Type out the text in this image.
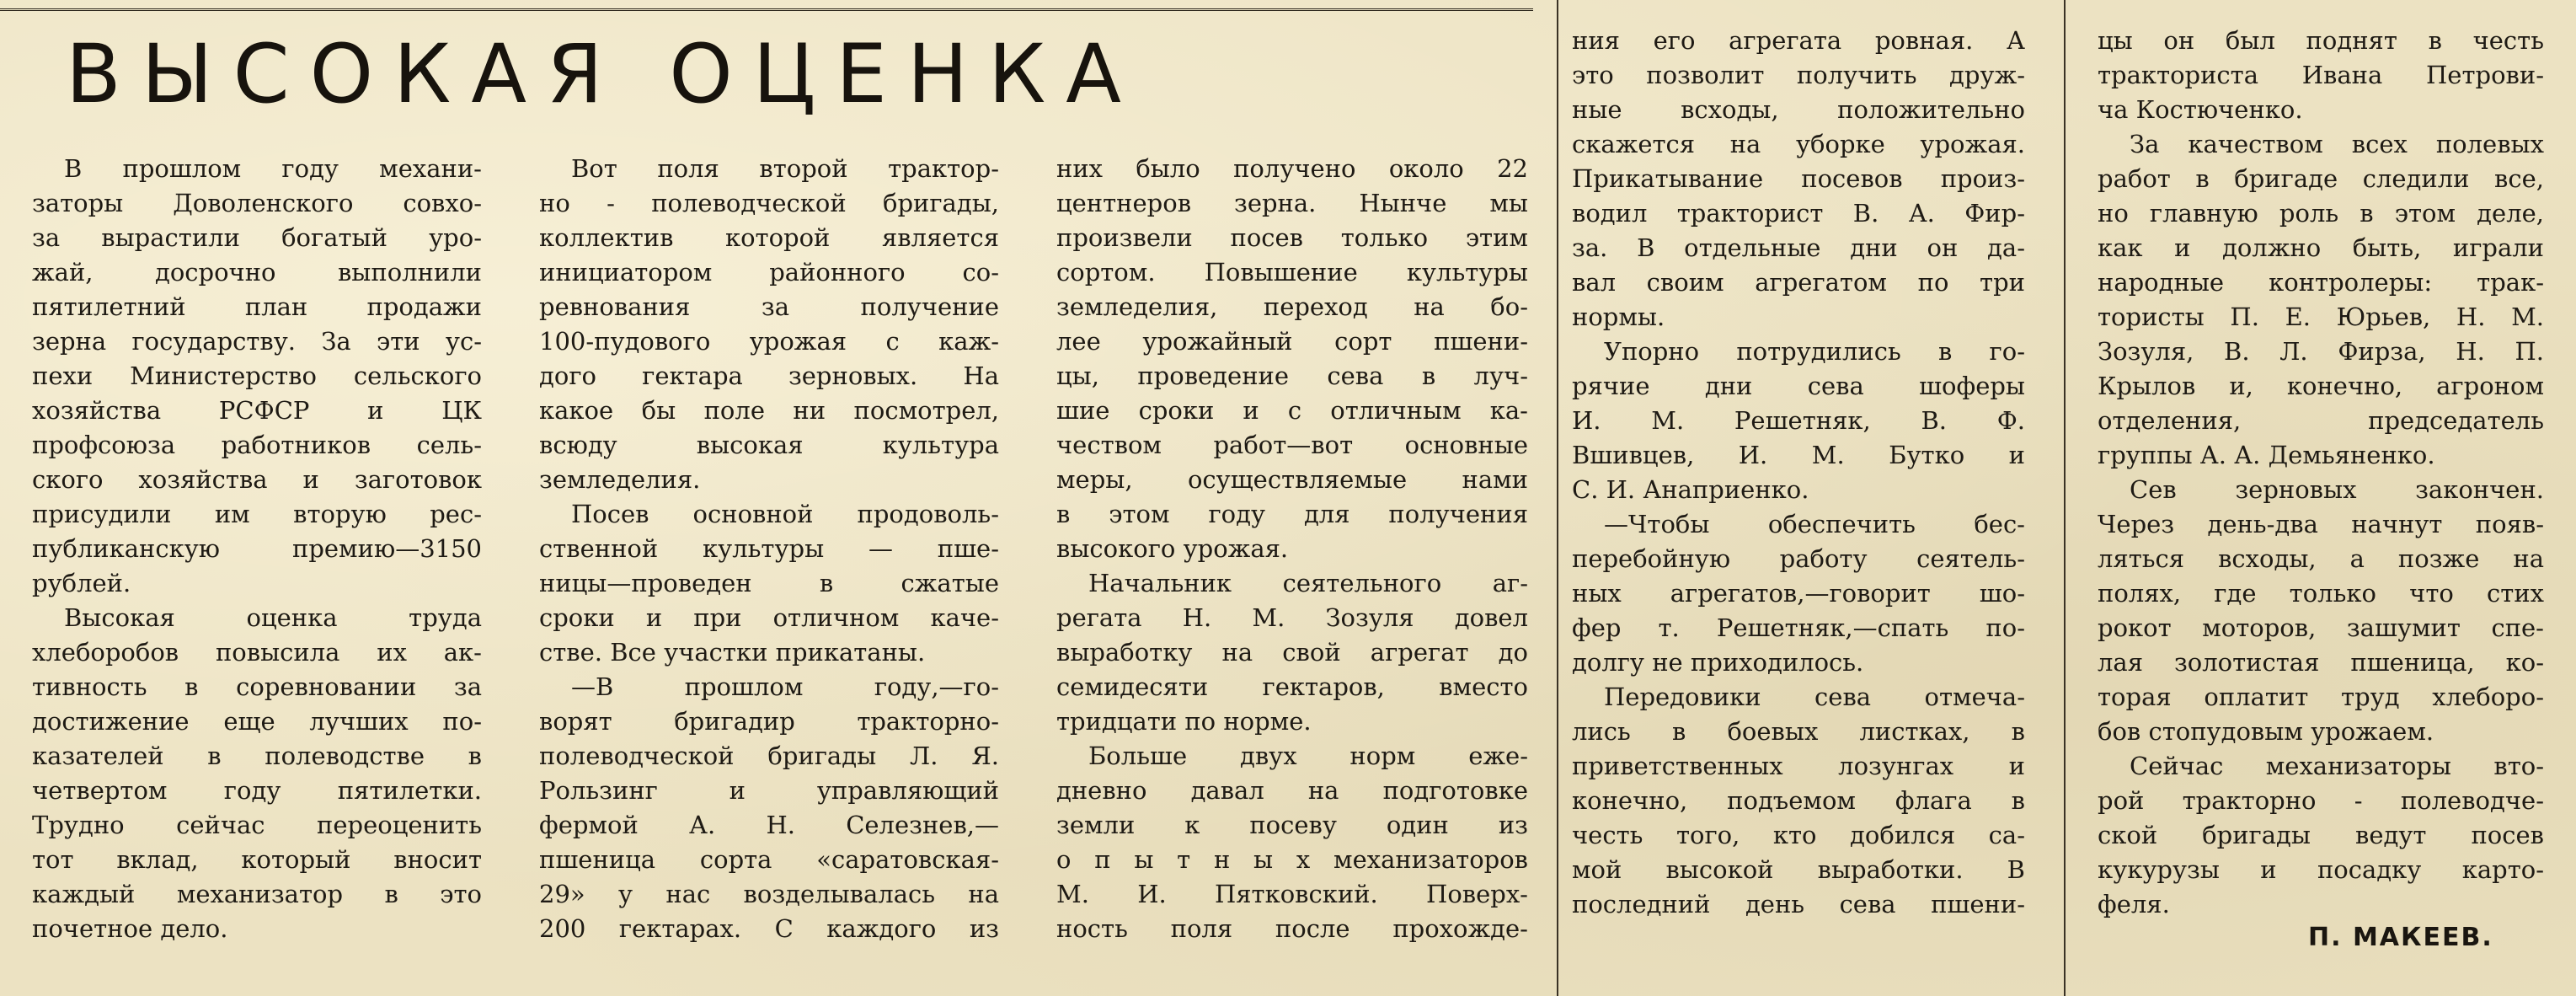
ВЫСОКАЯ ОЦЕНКА
В прошлом году механи-
заторы Доволенского совхо-
за вырастили богатый уро-
жай, досрочно выполнили
пятилетний план продажи
зерна государству. За эти ус-
пехи Министерство сельского
хозяйства РСФСР и ЦК
профсоюза работников сель-
ского хозяйства и заготовок
присудили им вторую рес-
публиканскую премию—3150
рублей.
Высокая оценка труда
хлеборобов повысила их ак-
тивность в соревновании за
достижение еще лучших по-
казателей в полеводстве в
четвертом году пятилетки.
Трудно сейчас переоценить
тот вклад, который вносит
каждый механизатор в это
почетное дело.
Вот поля второй трактор-
но - полеводческой бригады,
коллектив которой является
инициатором районного со-
ревнования за получение
100-пудового урожая с каж-
дого гектара зерновых. На
какое бы поле ни посмотрел,
всюду высокая культура
земледелия.
Посев основной продоволь-
ственной культуры — пше-
ницы—проведен в сжатые
сроки и при отличном каче-
стве. Все участки прикатаны.
—В прошлом году,—го-
ворят бригадир тракторно-
полеводческой бригады Л. Я.
Рользинг и управляющий
фермой А. Н. Селезнев,—
пшеница сорта «саратовская-
29» у нас возделывалась на
200 гектарах. С каждого из
них было получено около 22
центнеров зерна. Нынче мы
произвели посев только этим
сортом. Повышение культуры
земледелия, переход на бо-
лее урожайный сорт пшени-
цы, проведение сева в луч-
шие сроки и с отличным ка-
чеством работ—вот основные
меры, осуществляемые нами
в этом году для получения
высокого урожая.
Начальник сеятельного аг-
регата Н. М. Зозуля довел
выработку на свой агрегат до
семидесяти гектаров, вместо
тридцати по норме.
Больше двух норм еже-
дневно давал на подготовке
земли к посеву один из
о п ы т н ы х механизаторов
М. И. Пятковский. Поверх-
ность поля после прохожде-
ния его агрегата ровная. А
это позволит получить друж-
ные всходы, положительно
скажется на уборке урожая.
Прикатывание посевов произ-
водил тракторист В. А. Фир-
за. В отдельные дни он да-
вал своим агрегатом по три
нормы.
Упорно потрудились в го-
рячие дни сева шоферы
И. М. Решетняк, В. Ф.
Вшивцев, И. М. Бутко и
С. И. Анаприенко.
—Чтобы обеспечить бес-
перебойную работу сеятель-
ных агрегатов,—говорит шо-
фер т. Решетняк,—спать по-
долгу не приходилось.
Передовики сева отмеча-
лись в боевых листках, в
приветственных лозунгах и
конечно, подъемом флага в
честь того, кто добился са-
мой высокой выработки. В
последний день сева пшени-
цы он был поднят в честь
тракториста Ивана Петрови-
ча Костюченко.
За качеством всех полевых
работ в бригаде следили все,
но главную роль в этом деле,
как и должно быть, играли
народные контролеры: трак-
тористы П. Е. Юрьев, Н. М.
Зозуля, В. Л. Фирза, Н. П.
Крылов и, конечно, агроном
отделения, председатель
группы А. А. Демьяненко.
Сев зерновых закончен.
Через день-два начнут появ-
ляться всходы, а позже на
полях, где только что стих
рокот моторов, зашумит спе-
лая золотистая пшеница, ко-
торая оплатит труд хлеборо-
бов стопудовым урожаем.
Сейчас механизаторы вто-
рой тракторно - полеводче-
ской бригады ведут посев
кукурузы и посадку карто-
феля.
П. МАКЕЕВ.
